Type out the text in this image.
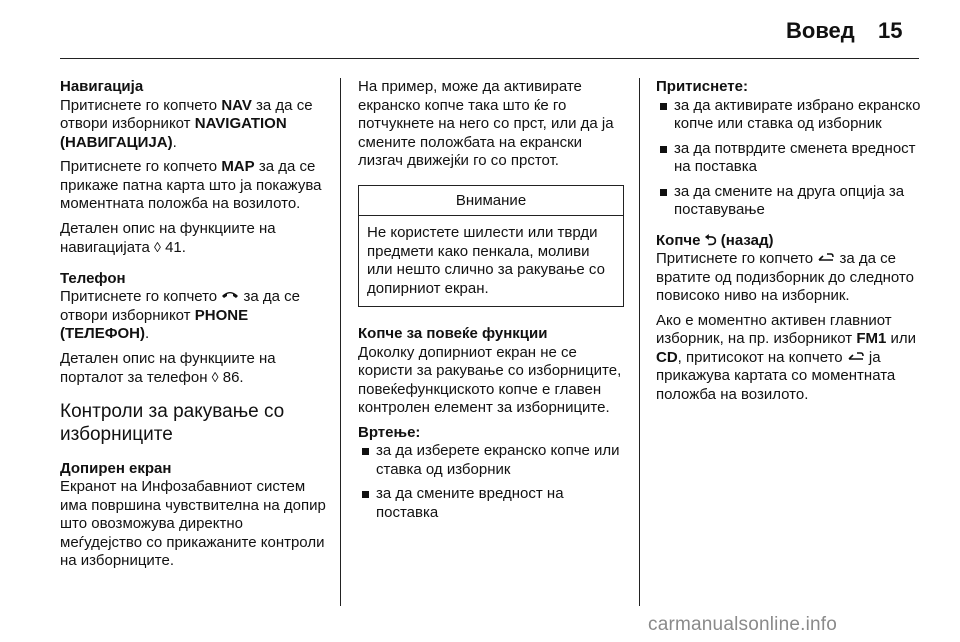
Вовед 15
Навигација

Притиснете го копчето NAV за да се отвори изборникот NAVIGATION (НАВИГАЦИЈА).

Притиснете го копчето MAP за да се прикаже патна карта што ја покажува моментната положба на возилото.

Детален опис на функциите на навигацијата ◊ 41.

Телефон

Притиснете го копчето  за да се отвори изборникот PHONE (ТЕЛЕФОН).

Детален опис на функциите на порталот за телефон ◊ 86.

Контроли за ракување со изборниците
Допирен екран

Екранот на Инфозабавниот систем има површина чувствителна на допир што овозможува директно меѓудејство со прикажаните контроли на изборниците.

На пример, може да активирате екранско копче така што ќе го потчукнете на него со прст, или да ја смените положбата на екрански лизгач движејќи го со прстот.

Внимание
Не користете шилести или тврди предмети како пенкала, моливи или нешто слично за ракување со допирниот екран.
Копче за повеќе функции

Доколку допирниот екран не се користи за ракување со изборниците, повеќефункциското копче е главен контролен елемент за изборниците.

Вртење:
за да изберете екранско копче или ставка од изборник
за да смените вредност на поставка
Притиснете:
за да активирате избрано екранско копче или ставка од изборник
за да потврдите сменета вредност на поставка
за да смените на друга опција за поставување
Копче ⮌ (назад)

Притиснете го копчето  за да се вратите од подизборник до следното повисоко ниво на изборник.

Ако е моментно активен главниот изборник, на пр. изборникот FM1 или CD, притисокот на копчето  ја прикажува картата со моментната положба на возилото.

carmanualsonline.info
